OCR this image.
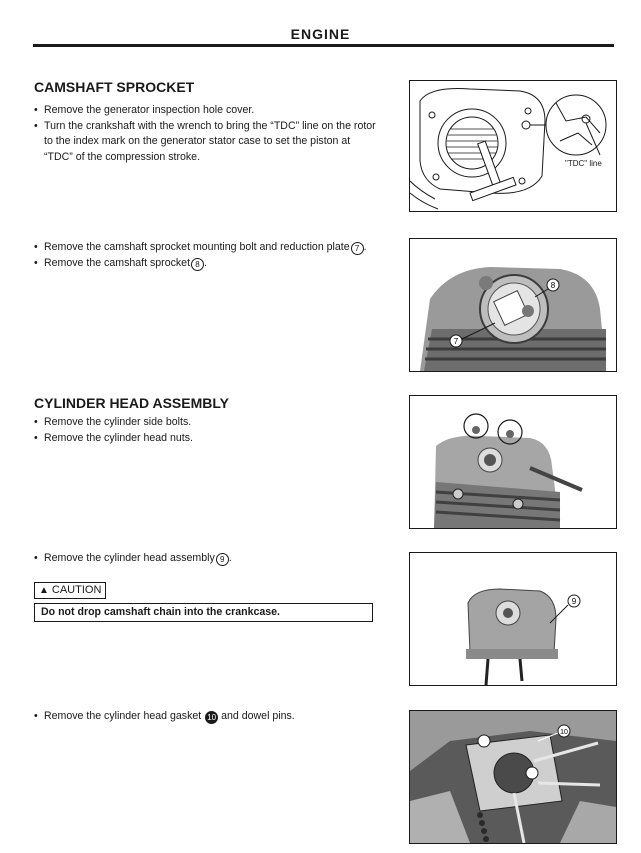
ENGINE
CAMSHAFT SPROCKET
• Remove the generator inspection hole cover.
• Turn the crankshaft with the wrench to bring the “TDC” line on the rotor to the index mark on the generator stator case to set the piston at “TDC” of the compression stroke.
"TDC" line
• Remove the camshaft sprocket mounting bolt and reduction plate 7 .
• Remove the camshaft sprocket 8 .
8
7
CYLINDER HEAD ASSEMBLY
• Remove the cylinder side bolts.
• Remove the cylinder head nuts.
• Remove the cylinder head assembly 9 .
▲ CAUTION
Do not drop camshaft chain into the crankcase.
9
• Remove the cylinder head gasket 10 and dowel pins.
10
